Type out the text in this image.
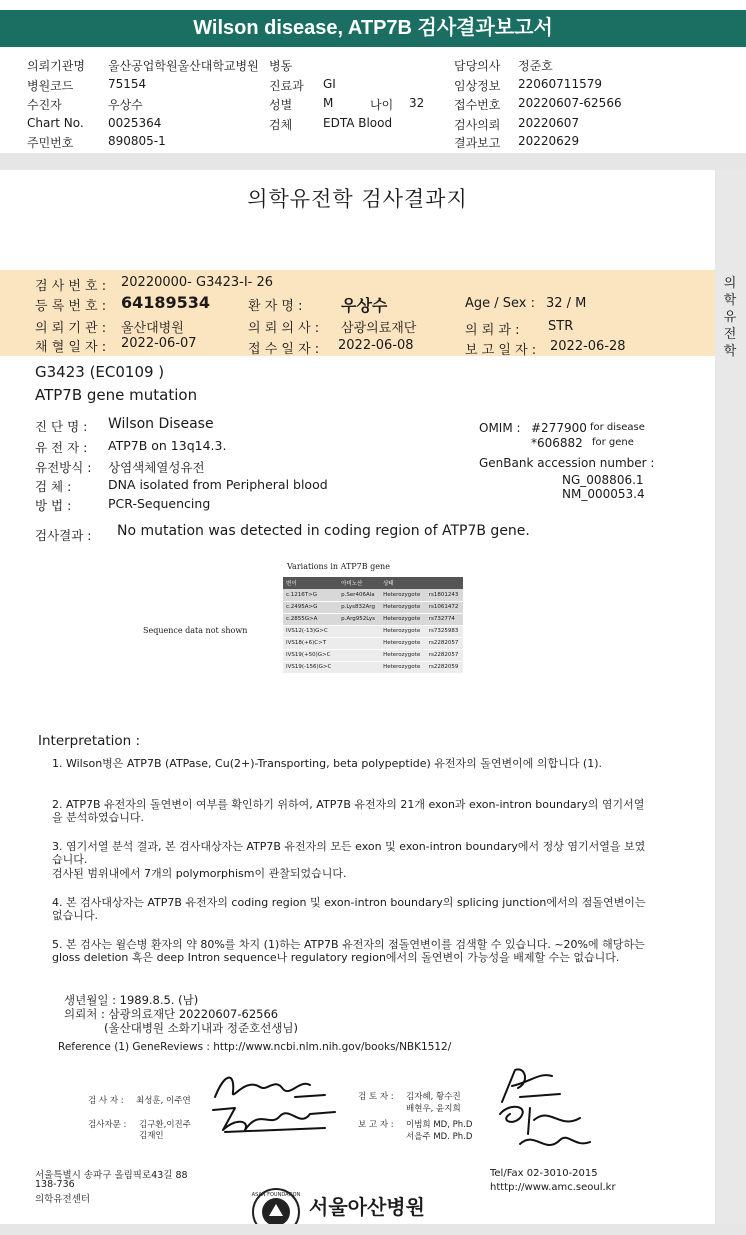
Wilson disease, ATP7B 검사결과보고서
의뢰기관명 울산공업학원울산대학교병원 병동	담당의사 정준호
병원코드	75154	진료과 GI	임상정보 22060711579
수진자	우상수	성별	M	나이 32 접수번호 20220607-62566
Chart No. 0025364	검체	EDTA Blood	검사의뢰 20220607
주민번호	890805-1	결과보고 20220629
의학유전학 검사결과지
의학유전학
검 사 번 호 : 20220000- G3423-I- 26
등 록 번 호 : 64189534	환 자 명 : 우상수	Age / Sex : 32 / M
의 뢰 기 관 : 울산대병원	의 뢰 의 사 : 삼광의료재단	의 뢰 과 : STR
채 혈 일 자 : 2022-06-07	접 수 일 자 : 2022-06-08	보 고 일 자 : 2022-06-28
G3423 (EC0109 )
ATP7B gene mutation
진 단 명 : Wilson Disease
유 전 자 : ATP7B on 13q14.3.
유전방식 : 상염색체열성유전
검 체 :	DNA isolated from Peripheral blood
방 법 :	PCR-Sequencing
OMIM : #277900 for disease
*606882 for gene
GenBank accession number :
NG_008806.1
NM_000053.4
검사결과 : No mutation was detected in coding region of ATP7B gene.
Variations in ATP7B gene
변이	아미노산	상태	
c.1216T>G	p.Ser406Ala	Heterozygote	rs1801243
c.2495A>G	p.Lys832Arg	Heterozygote	rs1061472
c.2855G>A	p.Arg952Lys	Heterozygote	rs732774
IVS12(-13)G>C		Heterozygote	rs7325983
IVS18(+6)C>T		Heterozygote	rs2282057
IVS19(+50)G>C		Heterozygote	rs2282057
IVS19(-156)G>C		Heterozygote	rs2282059
Sequence data not shown
Interpretation :
1. Wilson병은 ATP7B (ATPase, Cu(2+)-Transporting, beta polypeptide) 유전자의 돌연변이에 의합니다 (1).
2. ATP7B 유전자의 돌연변이 여부를 확인하기 위하여, ATP7B 유전자의 21개 exon과 exon-intron boundary의 염기서열을 분석하였습니다.
3. 염기서열 분석 결과, 본 검사대상자는 ATP7B 유전자의 모든 exon 및 exon-intron boundary에서 정상 염기서열을 보였습니다.
검사된 범위내에서 7개의 polymorphism이 관찰되었습니다.
4. 본 검사대상자는 ATP7B 유전자의 coding region 및 exon-intron boundary의 splicing junction에서의 점돌연변이는 없습니다.
5. 본 검사는 윌슨병 환자의 약 80%를 차지 (1)하는 ATP7B 유전자의 점돌연변이를 검색할 수 있습니다. ~20%에 해당하는 gloss deletion 혹은 deep Intron sequence나 regulatory region에서의 돌연변이 가능성을 배제할 수는 없습니다.
생년월일 : 1989.8.5. (남)
의뢰처 : 삼광의료재단 20220607-62566
(울산대병원 소화기내과 정준호선생님)
Reference (1) GeneReviews : http://www.ncbi.nlm.nih.gov/books/NBK1512/
검 사 자 : 최성훈, 이주연
검사자문 : 김구환,이진주
김재인
검 토 자 : 김자혜, 황수진
배현우, 윤지희
보 고 자 : 이범희 MD, Ph.D
서을주 MD. Ph.D
서울특별시 송파구 올림픽로43길 88
138-736
의학유전센터
Tel/Fax 02-3010-2015
htttp://www.amc.seoul.kr
ASAN FOUNDATION 서울아산병원
